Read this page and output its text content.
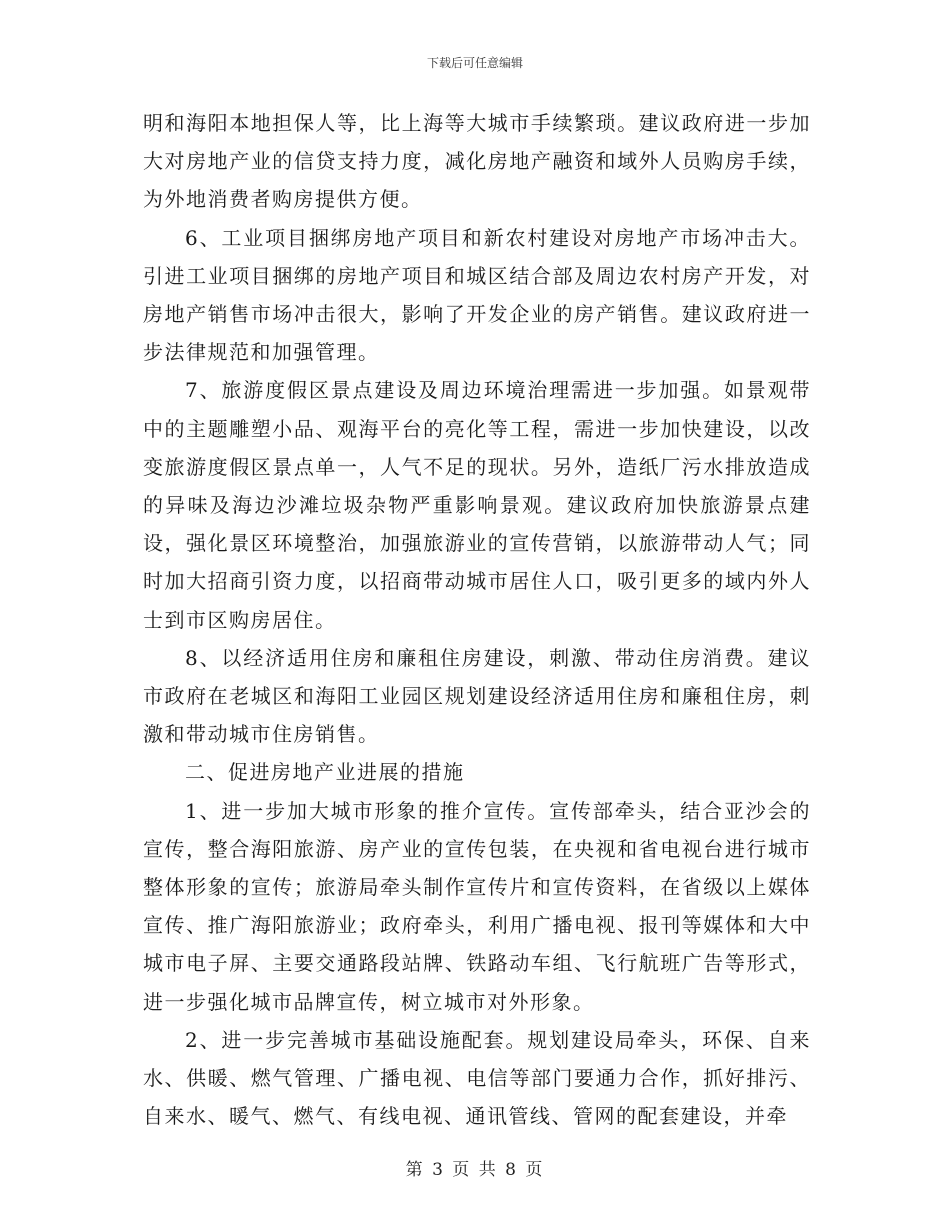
下载后可任意编辑

明和海阳本地担保人等，比上海等大城市手续繁琐。建议政府进一步加大对房地产业的信贷支持力度，减化房地产融资和域外人员购房手续，为外地消费者购房提供方便。

6、工业项目捆绑房地产项目和新农村建设对房地产市场冲击大。引进工业项目捆绑的房地产项目和城区结合部及周边农村房产开发，对房地产销售市场冲击很大，影响了开发企业的房产销售。建议政府进一步法律规范和加强管理。

7、旅游度假区景点建设及周边环境治理需进一步加强。如景观带中的主题雕塑小品、观海平台的亮化等工程，需进一步加快建设，以改变旅游度假区景点单一，人气不足的现状。另外，造纸厂污水排放造成的异味及海边沙滩垃圾杂物严重影响景观。建议政府加快旅游景点建设，强化景区环境整治，加强旅游业的宣传营销，以旅游带动人气；同时加大招商引资力度，以招商带动城市居住人口，吸引更多的域内外人士到市区购房居住。

8、以经济适用住房和廉租住房建设，刺激、带动住房消费。建议市政府在老城区和海阳工业园区规划建设经济适用住房和廉租住房，刺激和带动城市住房销售。

二、促进房地产业进展的措施

1、进一步加大城市形象的推介宣传。宣传部牵头，结合亚沙会的宣传，整合海阳旅游、房产业的宣传包装，在央视和省电视台进行城市整体形象的宣传；旅游局牵头制作宣传片和宣传资料，在省级以上媒体宣传、推广海阳旅游业；政府牵头，利用广播电视、报刊等媒体和大中城市电子屏、主要交通路段站牌、铁路动车组、飞行航班广告等形式，进一步强化城市品牌宣传，树立城市对外形象。

2、进一步完善城市基础设施配套。规划建设局牵头，环保、自来水、供暖、燃气管理、广播电视、电信等部门要通力合作，抓好排污、自来水、暖气、燃气、有线电视、通讯管线、管网的配套建设，并牵

第 3 页 共 8 页
